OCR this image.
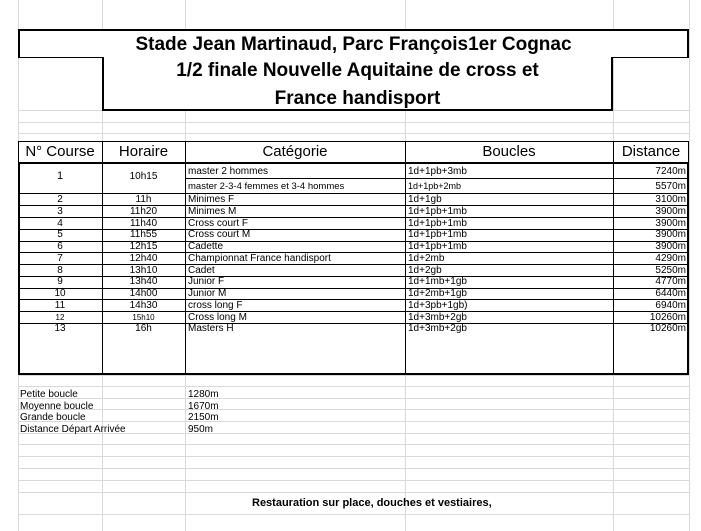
Stade Jean Martinaud, Parc François1er Cognac
1/2 finale Nouvelle Aquitaine de cross et
France handisport
N° Course	Horaire	Catégorie	Boucles	Distance
1	10h15	master 2 hommes	1d+1pb+3mb	7240m
master 2-3-4 femmes et 3-4 hommes	1d+1pb+2mb	5570m
2	11h	Minimes F	1d+1gb	3100m
3	11h20	Minimes M	1d+1pb+1mb	3900m
4	11h40	Cross court F	1d+1pb+1mb	3900m
5	11h55	Cross court M	1d+1pb+1mb	3900m
6	12h15	Cadette	1d+1pb+1mb	3900m
7	12h40	Championnat France handisport	1d+2mb	4290m
8	13h10	Cadet	1d+2gb	5250m
9	13h40	Junior F	1d+1mb+1gb	4770m
10	14h00	Junior M	1d+2mb+1gb	6440m
11	14h30	cross long F	1d+3pb+1gb)	6940m
12	15h10	Cross long M	1d+3mb+2gb	10260m
13	16h	Masters H	1d+3mb+2gb	10260m
Petite boucle	1280m
Moyenne boucle	1670m
Grande boucle	2150m
Distance Départ Arrivée	950m
Restauration sur place, douches et vestiaires,
